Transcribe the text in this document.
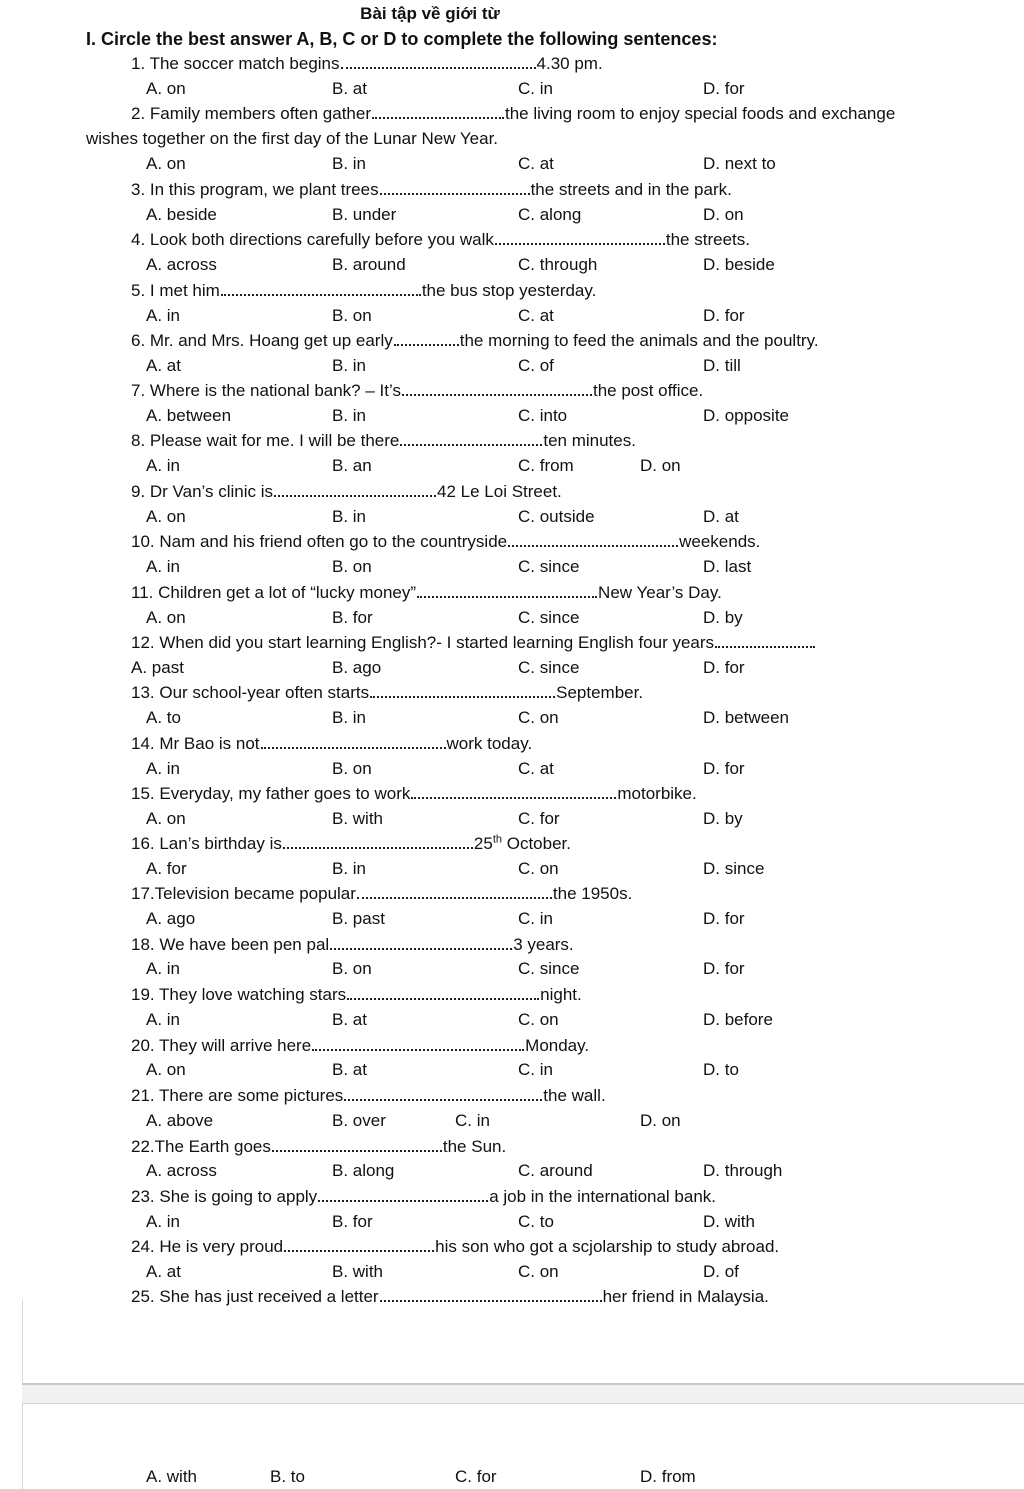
Bài tập về giới từ
I. Circle the best answer A, B, C or D to complete the following sentences:
1. The soccer match begins	4.30 pm.
A. on	B. at	C. in	D. for
2. Family members often gather	the living room to enjoy special foods and exchange
wishes together on the first day of the Lunar New Year.
A. on	B. in	C. at	D. next to
3. In this program, we plant trees	the streets and in the park.
A. beside	B. under	C. along	D. on
4. Look both directions carefully before you walk	the streets.
A. across	B. around	C. through	D. beside
5. I met him	the bus stop yesterday.
A. in	B. on	C. at	D. for
6. Mr. and Mrs. Hoang get up early	the morning to feed the animals and the poultry.
A. at	B. in	C. of	D. till
7. Where is the national bank? – It’s	the post office.
A. between	B. in	C. into	D. opposite
8. Please wait for me. I will be there	ten minutes.
A. in	B. an	C. from	D. on
9. Dr Van’s clinic is	42 Le Loi Street.
A. on	B. in	C. outside	D. at
10. Nam and his friend often go to the countryside	weekends.
A. in	B. on	C. since	D. last
11. Children get a lot of “lucky money”	New Year’s Day.
A. on	B. for	C. since	D. by
12. When did you start learning English?- I started learning English four years
A. past	B. ago	C. since	D. for
13. Our school-year often starts	September.
A. to	B. in	C. on	D. between
14. Mr Bao is not	work today.
A. in	B. on	C. at	D. for
15. Everyday, my father goes to work	motorbike.
A. on	B. with	C. for	D. by
16. Lan’s birthday is	25th October.
A. for	B. in	C. on	D. since
17.Television became popular	the 1950s.
A. ago	B. past	C. in	D. for
18. We have been pen pal	3 years.
A. in	B. on	C. since	D. for
19. They love watching stars	night.
A. in	B. at	C. on	D. before
20. They will arrive here	Monday.
A. on	B. at	C. in	D. to
21. There are some pictures	the wall.
A. above	B. over	C. in	D. on
22.The Earth goes	the Sun.
A. across	B. along	C. around	D. through
23. She is going to apply	a job in the international bank.
A. in	B. for	C. to	D. with
24. He is very proud	his son who got a scjolarship to study abroad.
A. at	B. with	C. on	D. of
25. She has just received a letter	her friend in Malaysia.
A. with	B. to	C. for	D. from
